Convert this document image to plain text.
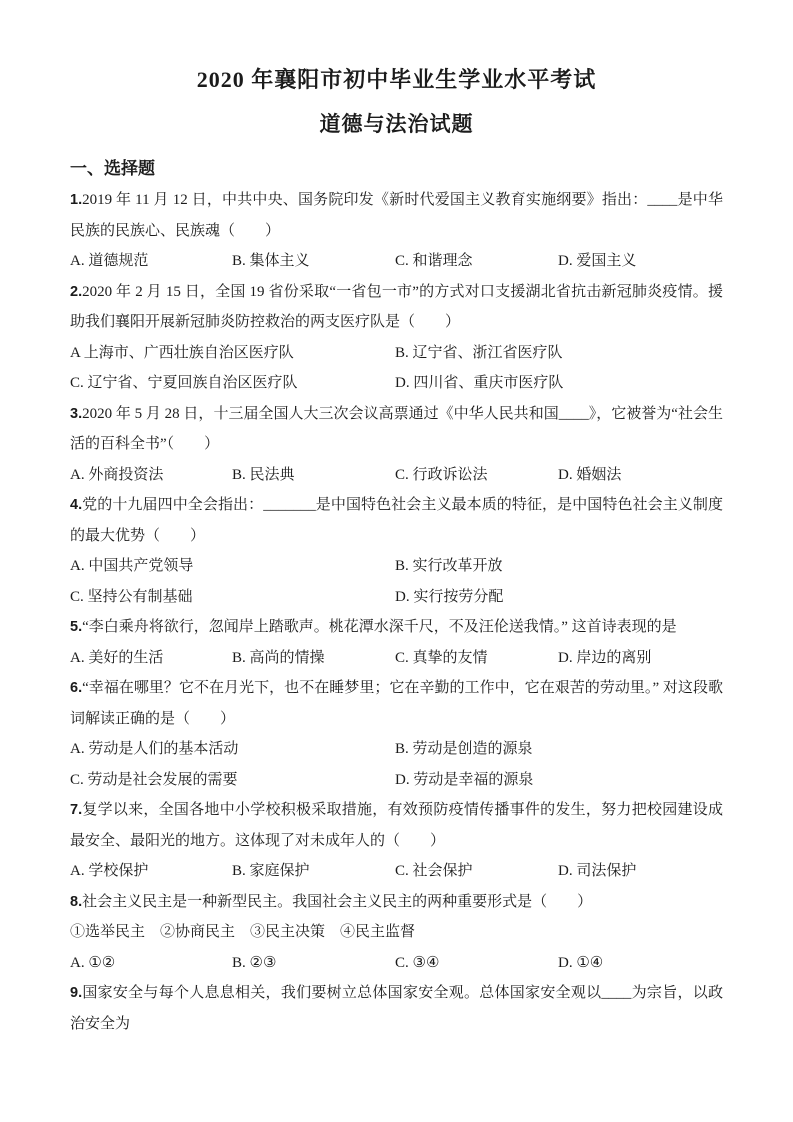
2020 年襄阳市初中毕业生学业水平考试
道德与法治试题
一、选择题

1.2019 年 11 月 12 日，中共中央、国务院印发《新时代爱国主义教育实施纲要》指出：____是中华民族的民族心、民族魂（　　）

A. 道德规范	B. 集体主义	C. 和谐理念	D. 爱国主义

2.2020 年 2 月 15 日，全国 19 省份采取“一省包一市”的方式对口支援湖北省抗击新冠肺炎疫情。援助我们襄阳开展新冠肺炎防控救治的两支医疗队是（　　）

A 上海市、广西壮族自治区医疗队	B. 辽宁省、浙江省医疗队
C. 辽宁省、宁夏回族自治区医疗队	D. 四川省、重庆市医疗队

3.2020 年 5 月 28 日，十三届全国人大三次会议高票通过《中华人民共和国____》，它被誉为“社会生活的百科全书”（　　）

A. 外商投资法	B. 民法典	C. 行政诉讼法	D. 婚姻法

4.党的十九届四中全会指出：_______是中国特色社会主义最本质的特征，是中国特色社会主义制度的最大优势（　　）

A. 中国共产党领导	B. 实行改革开放
C. 坚持公有制基础	D. 实行按劳分配

5.“李白乘舟将欲行，忽闻岸上踏歌声。桃花潭水深千尺，不及汪伦送我情。” 这首诗表现的是

A. 美好的生活	B. 高尚的情操	C. 真挚的友情	D. 岸边的离别

6.“幸福在哪里？它不在月光下，也不在睡梦里；它在辛勤的工作中，它在艰苦的劳动里。” 对这段歌词解读正确的是（　　）

A. 劳动是人们的基本活动	B. 劳动是创造的源泉
C. 劳动是社会发展的需要	D. 劳动是幸福的源泉

7.复学以来，全国各地中小学校积极采取措施，有效预防疫情传播事件的发生，努力把校园建设成最安全、最阳光的地方。这体现了对未成年人的（　　）

A. 学校保护	B. 家庭保护	C. 社会保护	D. 司法保护

8.社会主义民主是一种新型民主。我国社会主义民主的两种重要形式是（　　）

①选举民主　②协商民主　③民主决策　④民主监督

A. ①②	B. ②③	C. ③④	D. ①④

9.国家安全与每个人息息相关，我们要树立总体国家安全观。总体国家安全观以____为宗旨，以政治安全为
